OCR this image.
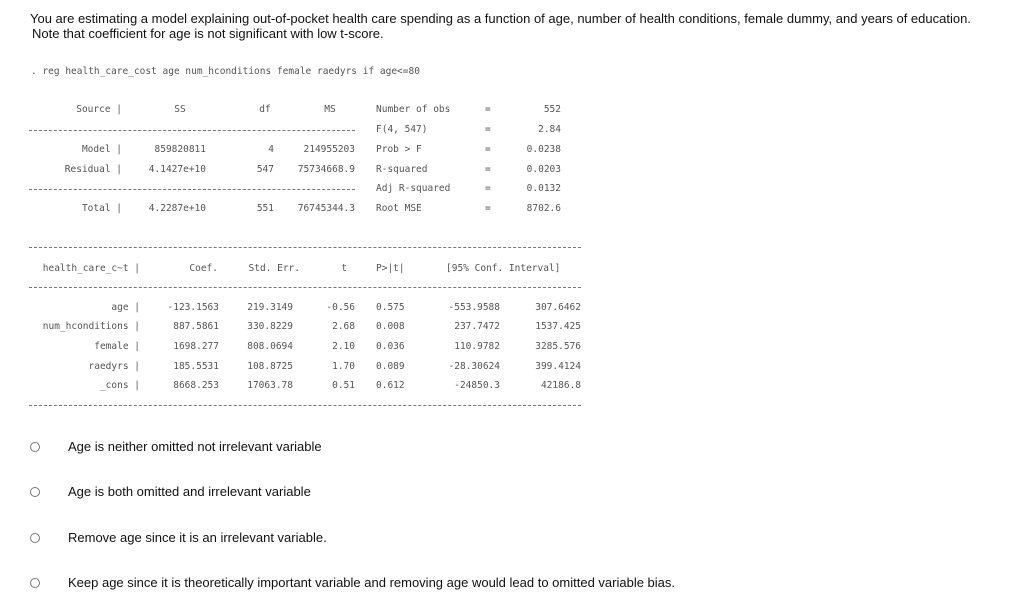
You are estimating a model explaining out-of-pocket health care spending as a function of age, number of health conditions, female dummy, and years of education.
Note that coefficient for age is not significant with low t-score.
. reg health_care_cost age num_hconditions female raedyrs if age<=80
Source |	SS	df	MS
Model |	859820811	4	214955203
Residual |	4.1427e+10	547	75734668.9
Total |	4.2287e+10	551	76745344.3
Number of obs	=	552
F(4, 547)	=	2.84
Prob > F	=	0.0238
R-squared	=	0.0203
Adj R-squared	=	0.0132
Root MSE	=	8702.6
health_care_c~t |	Coef.	Std. Err.	t	P>|t|	[95% Conf. Interval]
age |	-123.1563	219.3149	-0.56 0.575	-553.9588	307.6462
num_hconditions |	887.5861	330.8229	2.68 0.008	237.7472	1537.425
female |	1698.277	808.0694	2.10 0.036	110.9782	3285.576
raedyrs |	185.5531	108.8725	1.70 0.089	-28.30624	399.4124
_cons |	8668.253	17063.78	0.51 0.612	-24850.3	42186.8
Age is neither omitted not irrelevant variable
Age is both omitted and irrelevant variable
Remove age since it is an irrelevant variable.
Keep age since it is theoretically important variable and removing age would lead to omitted variable bias.
